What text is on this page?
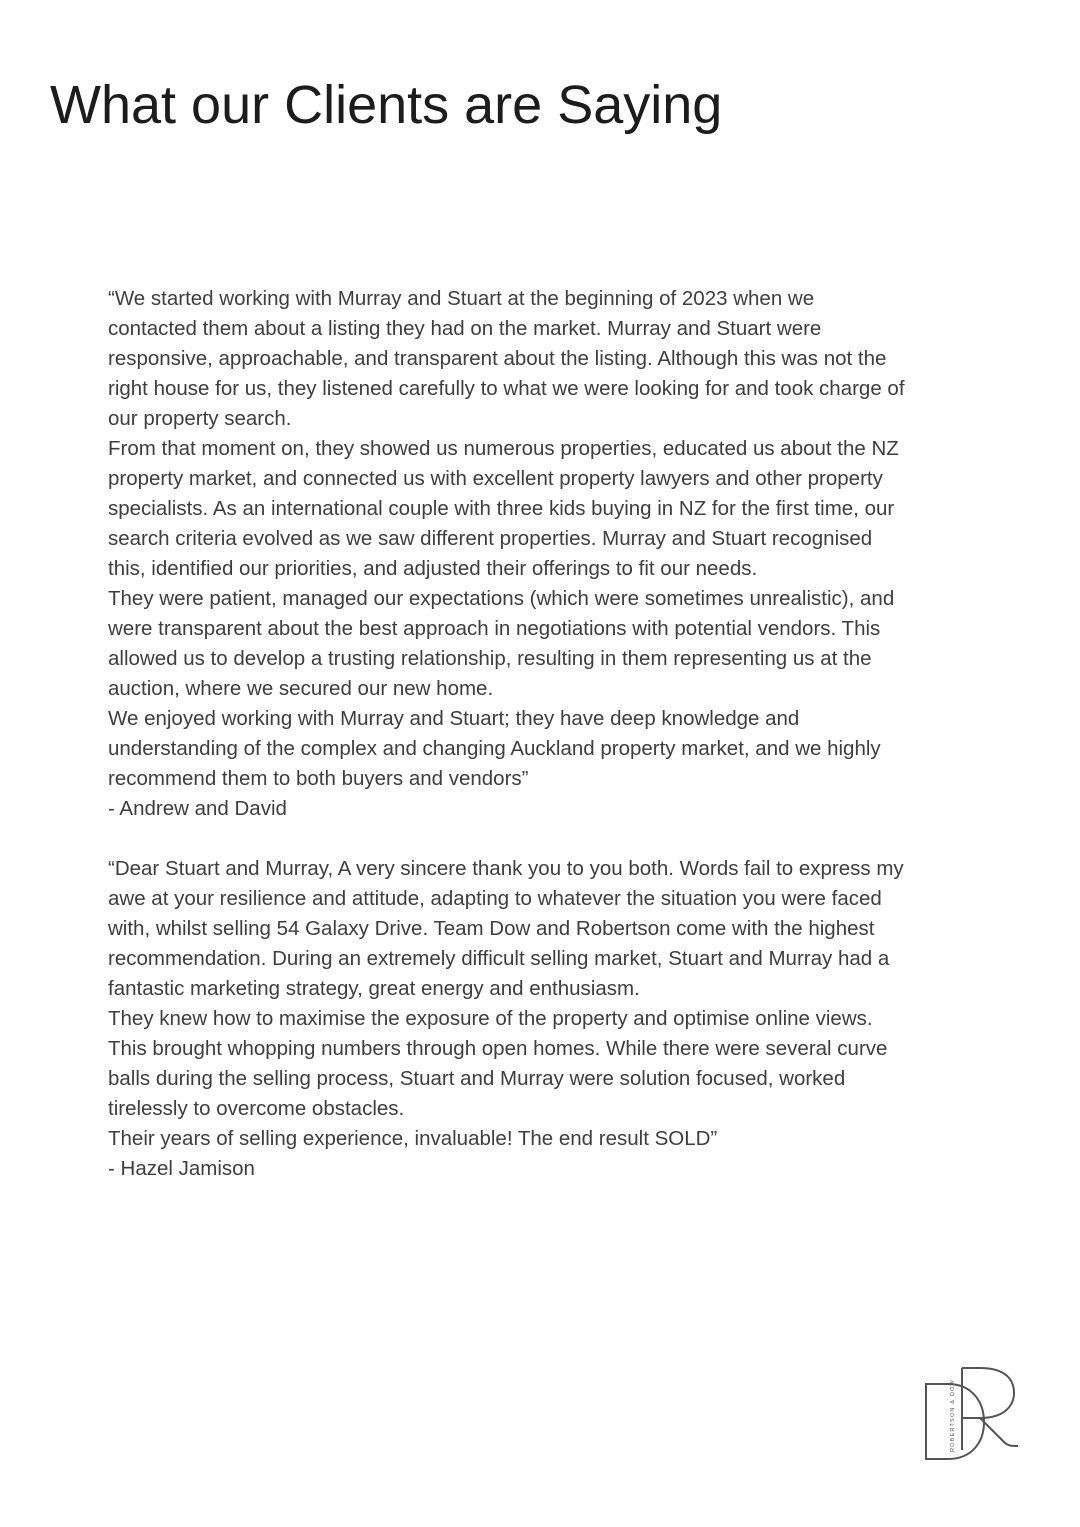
What our Clients are Saying

“We started working with Murray and Stuart at the beginning of 2023 when we contacted them about a listing they had on the market. Murray and Stuart were responsive, approachable, and transparent about the listing. Although this was not the right house for us, they listened carefully to what we were looking for and took charge of our property search.

From that moment on, they showed us numerous properties, educated us about the NZ property market, and connected us with excellent property lawyers and other property specialists. As an international couple with three kids buying in NZ for the first time, our search criteria evolved as we saw different properties. Murray and Stuart recognised this, identified our priorities, and adjusted their offerings to fit our needs.

They were patient, managed our expectations (which were sometimes unrealistic), and were transparent about the best approach in negotiations with potential vendors. This allowed us to develop a trusting relationship, resulting in them representing us at the auction, where we secured our new home.

We enjoyed working with Murray and Stuart; they have deep knowledge and understanding of the complex and changing Auckland property market, and we highly recommend them to both buyers and vendors”

- Andrew and David

“Dear Stuart and Murray, A very sincere thank you to you both. Words fail to express my awe at your resilience and attitude, adapting to whatever the situation you were faced with, whilst selling 54 Galaxy Drive. Team Dow and Robertson come with the highest recommendation. During an extremely difficult selling market, Stuart and Murray had a fantastic marketing strategy, great energy and enthusiasm.

They knew how to maximise the exposure of the property and optimise online views. This brought whopping numbers through open homes. While there were several curve balls during the selling process, Stuart and Murray were solution focused, worked tirelessly to overcome obstacles.

Their years of selling experience, invaluable! The end result SOLD”

- Hazel Jamison

ROBERTSON & DOW
